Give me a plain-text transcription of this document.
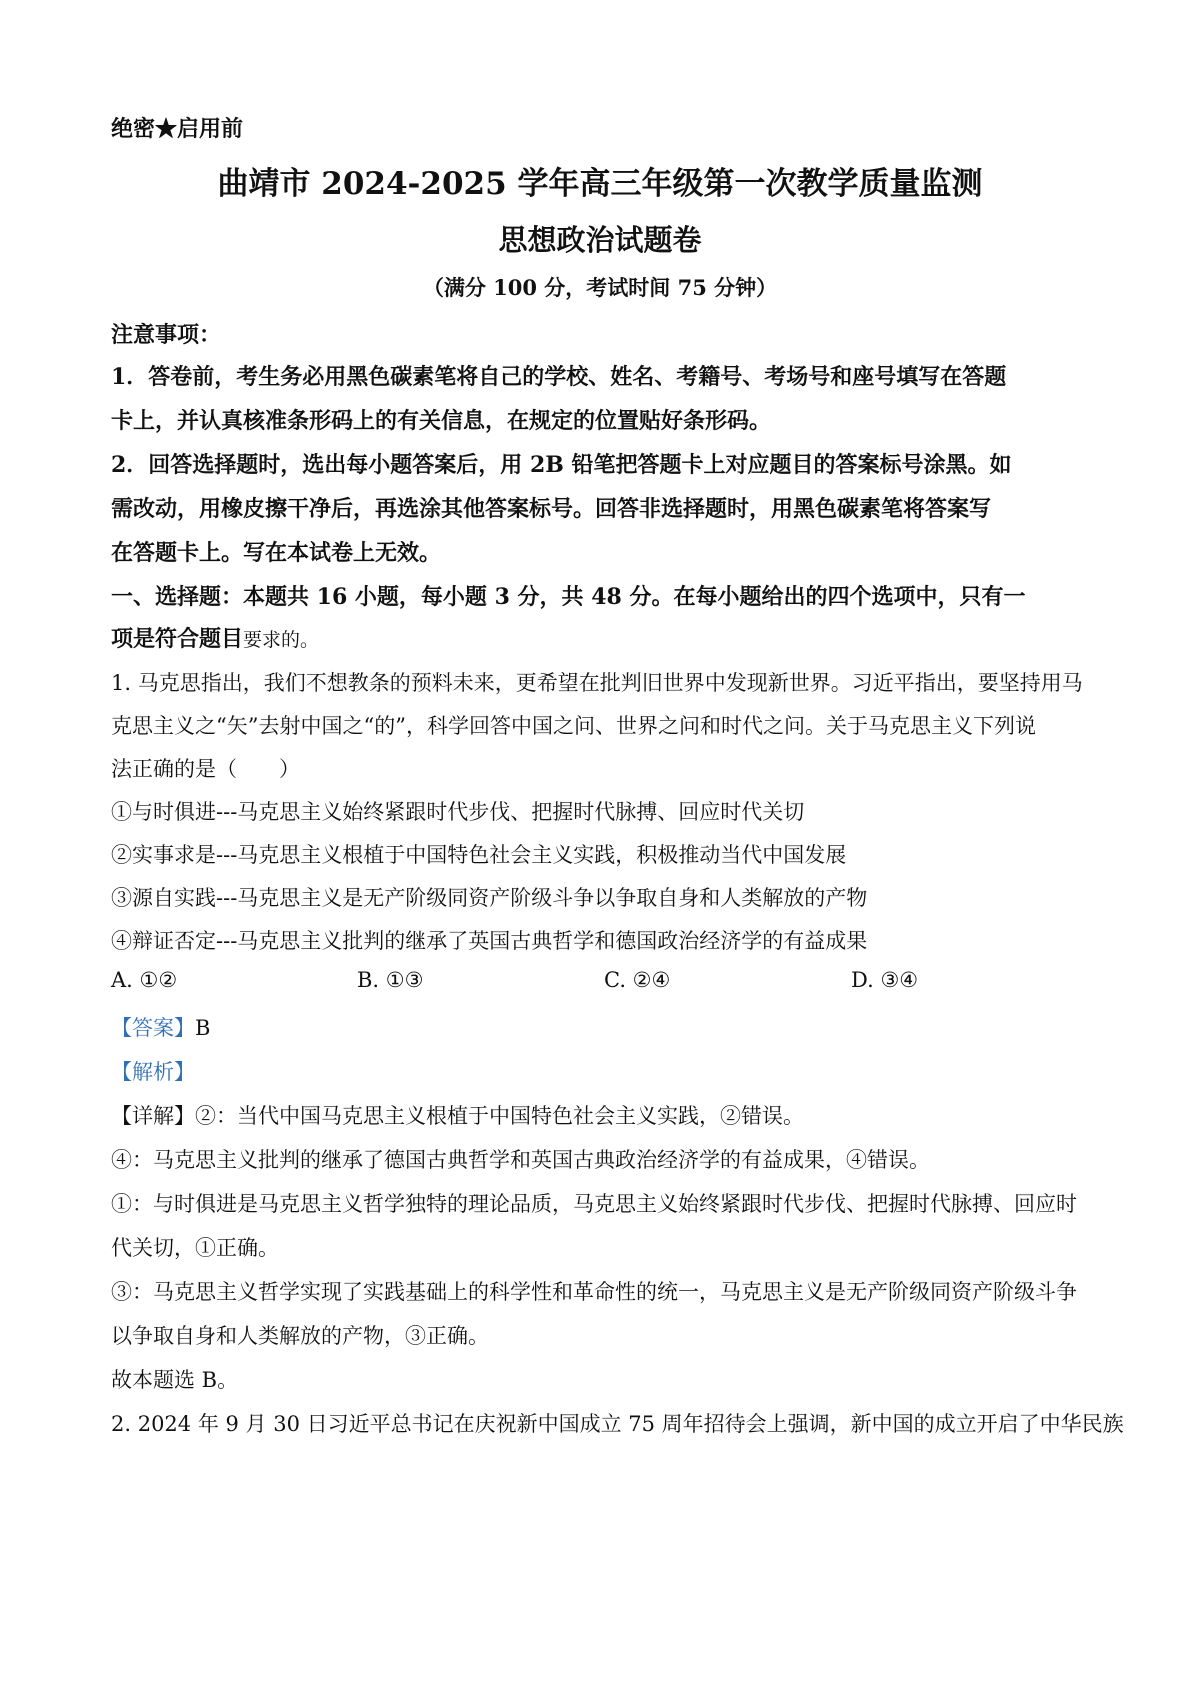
绝密★启用前
曲靖市 2024-2025 学年高三年级第一次教学质量监测
思想政治试题卷
（满分 100 分，考试时间 75 分钟）
注意事项：
1．答卷前，考生务必用黑色碳素笔将自己的学校、姓名、考籍号、考场号和座号填写在答题
卡上，并认真核准条形码上的有关信息，在规定的位置贴好条形码。
2．回答选择题时，选出每小题答案后，用 2B 铅笔把答题卡上对应题目的答案标号涂黑。如
需改动，用橡皮擦干净后，再选涂其他答案标号。回答非选择题时，用黑色碳素笔将答案写
在答题卡上。写在本试卷上无效。
一、选择题：本题共 16 小题，每小题 3 分，共 48 分。在每小题给出的四个选项中，只有一
项是符合题目要求的。
1. 马克思指出，我们不想教条的预料未来，更希望在批判旧世界中发现新世界。习近平指出，要坚持用马
克思主义之“矢”去射中国之“的”，科学回答中国之问、世界之问和时代之问。关于马克思主义下列说
法正确的是（　　）
①与时俱进---马克思主义始终紧跟时代步伐、把握时代脉搏、回应时代关切
②实事求是---马克思主义根植于中国特色社会主义实践，积极推动当代中国发展
③源自实践---马克思主义是无产阶级同资产阶级斗争以争取自身和人类解放的产物
④辩证否定---马克思主义批判的继承了英国古典哲学和德国政治经济学的有益成果
A. ①②	B. ①③	C. ②④	D. ③④
【答案】B
【解析】
【详解】②：当代中国马克思主义根植于中国特色社会主义实践，②错误。
④：马克思主义批判的继承了德国古典哲学和英国古典政治经济学的有益成果，④错误。
①：与时俱进是马克思主义哲学独特的理论品质，马克思主义始终紧跟时代步伐、把握时代脉搏、回应时
代关切，①正确。
③：马克思主义哲学实现了实践基础上的科学性和革命性的统一，马克思主义是无产阶级同资产阶级斗争
以争取自身和人类解放的产物，③正确。
故本题选 B。
2. 2024 年 9 月 30 日习近平总书记在庆祝新中国成立 75 周年招待会上强调，新中国的成立开启了中华民族
